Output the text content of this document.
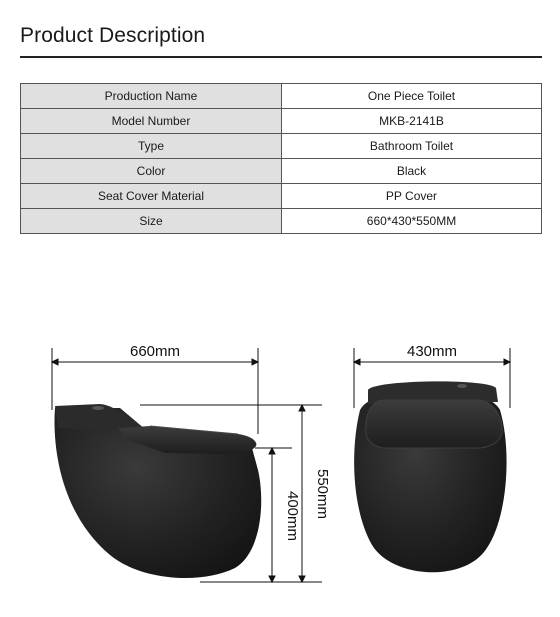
Product Description
Production Name	One Piece Toilet
Model Number	MKB-2141B
Type	Bathroom Toilet
Color	Black
Seat Cover Material	PP Cover
Size	660*430*550MM
660mm
550mm
400mm
430mm
